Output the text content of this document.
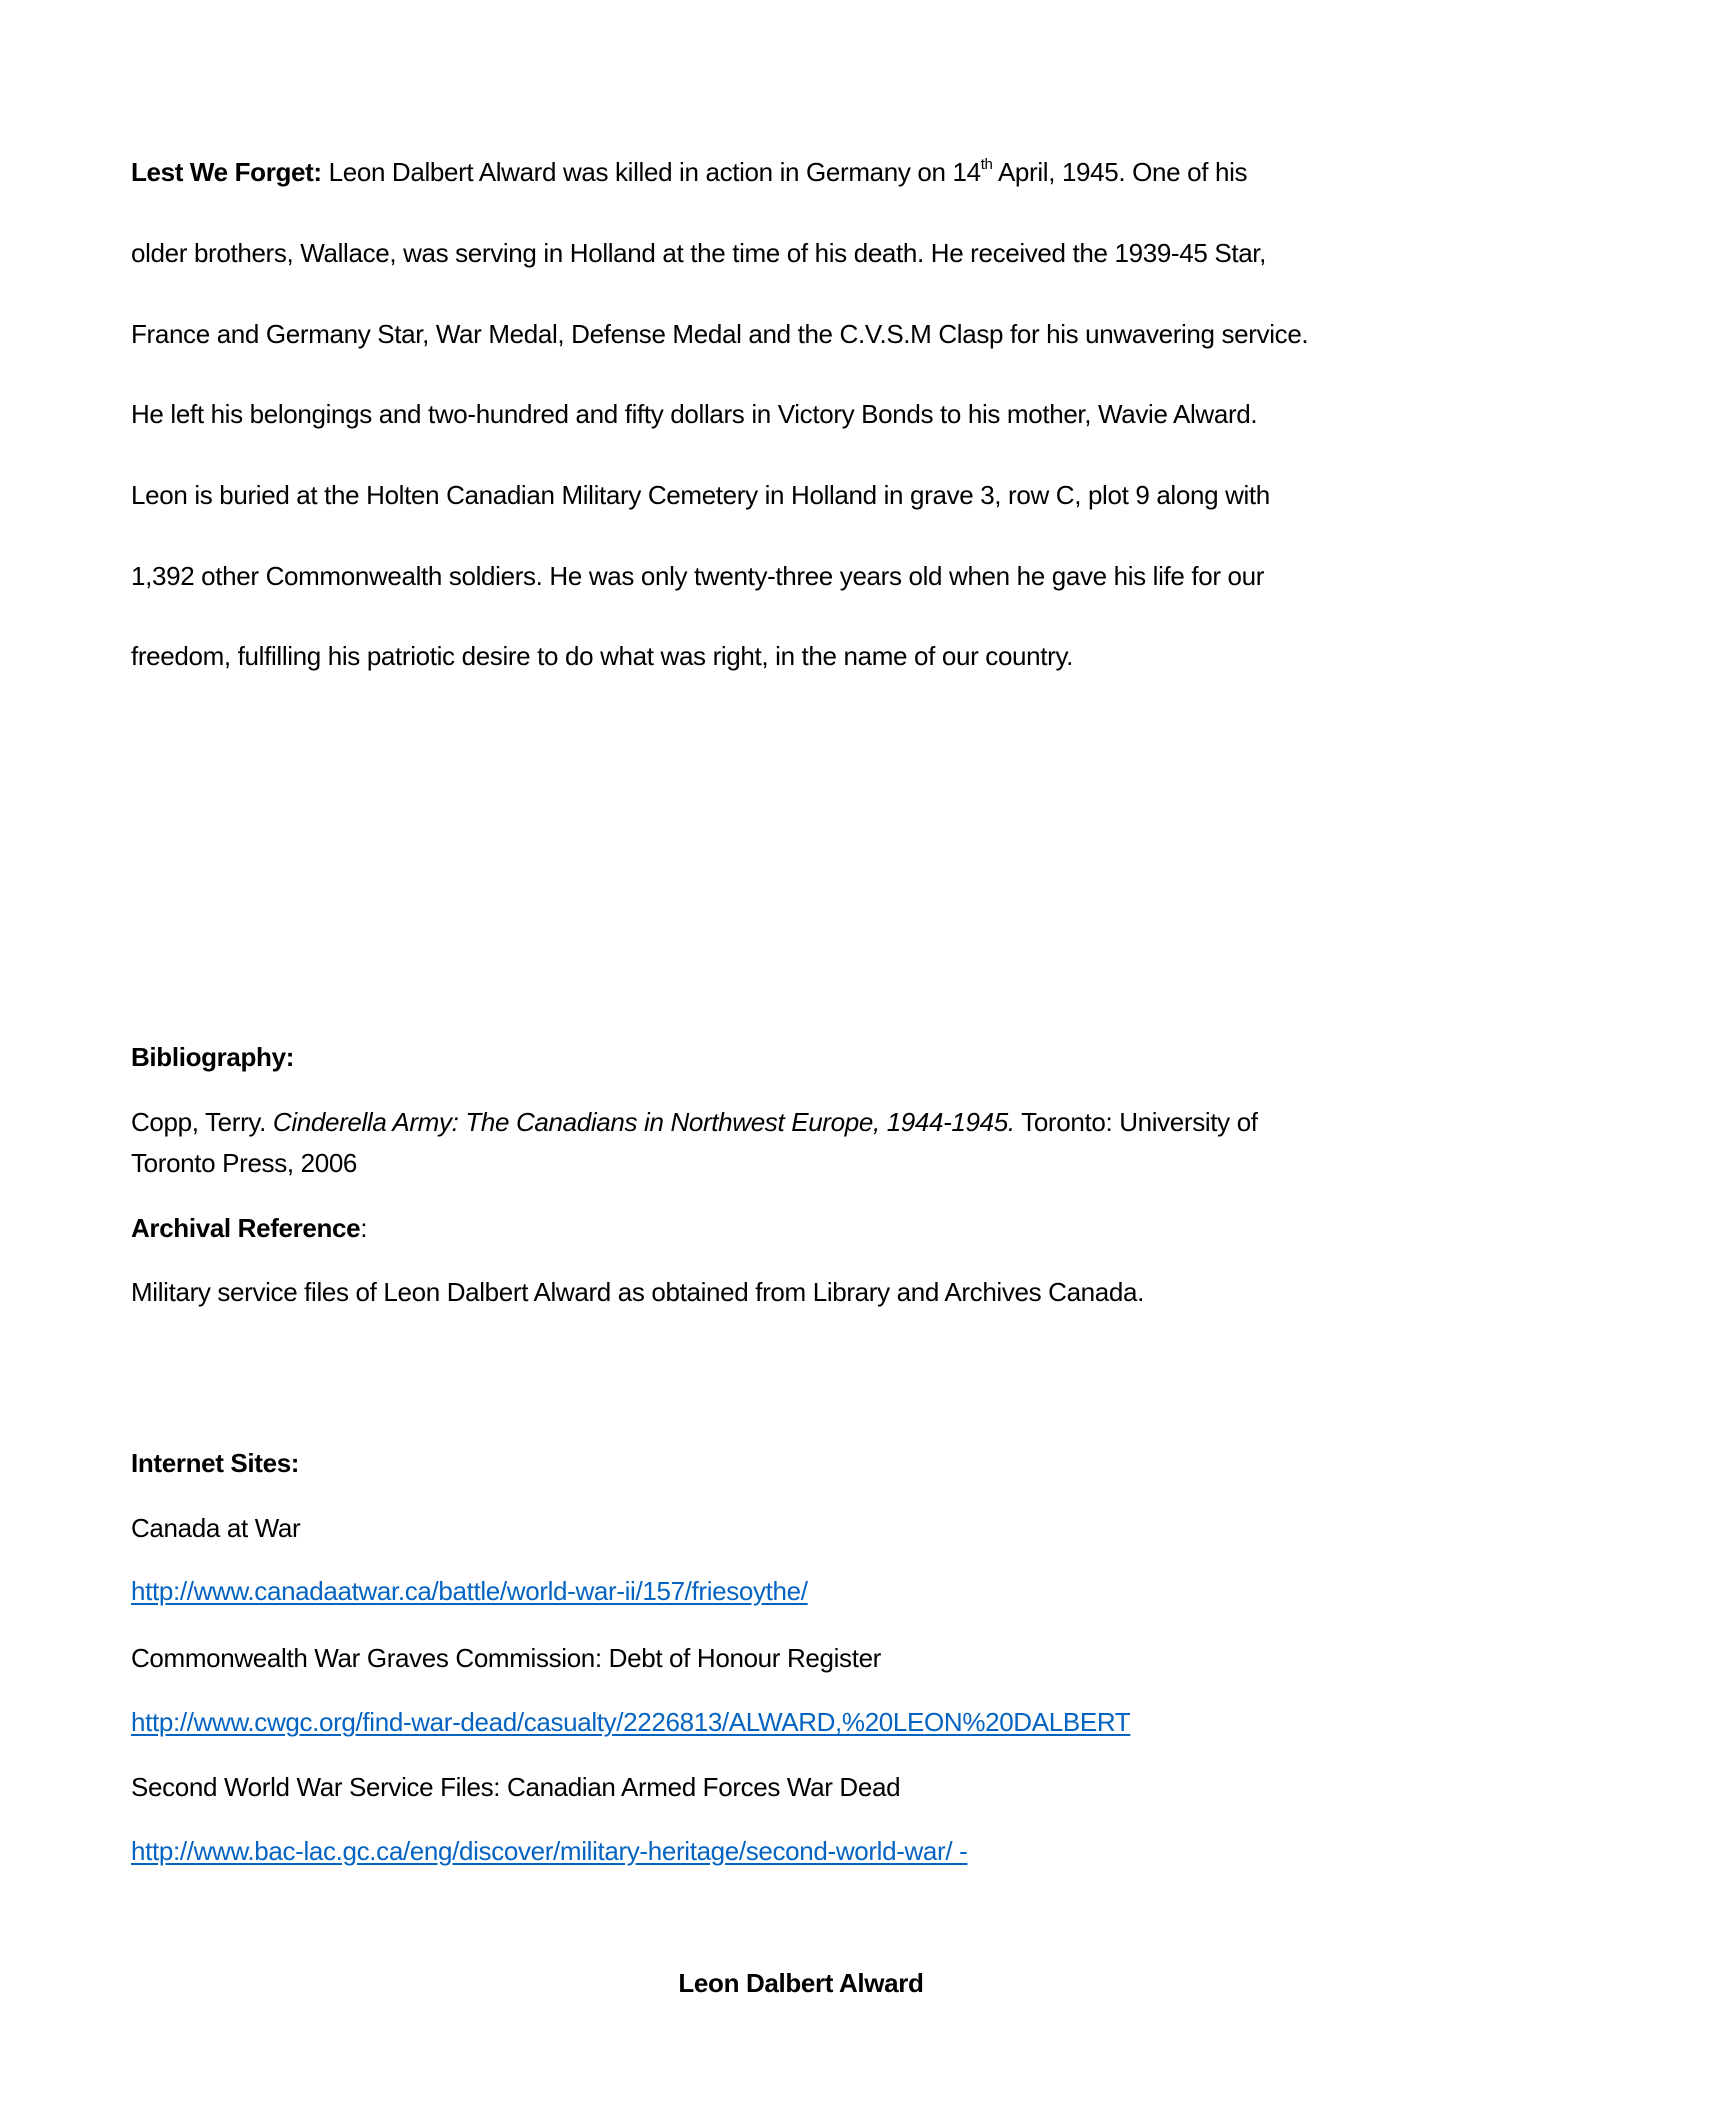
Lest We Forget: Leon Dalbert Alward was killed in action in Germany on 14th April, 1945. One of his
older brothers, Wallace, was serving in Holland at the time of his death. He received the 1939-45 Star,
France and Germany Star, War Medal, Defense Medal and the C.V.S.M Clasp for his unwavering service.
He left his belongings and two-hundred and fifty dollars in Victory Bonds to his mother, Wavie Alward.
Leon is buried at the Holten Canadian Military Cemetery in Holland in grave 3, row C, plot 9 along with
1,392 other Commonwealth soldiers. He was only twenty-three years old when he gave his life for our
freedom, fulfilling his patriotic desire to do what was right, in the name of our country.
Bibliography:
Copp, Terry. Cinderella Army: The Canadians in Northwest Europe, 1944-1945. Toronto: University of
Toronto Press, 2006
Archival Reference:
Military service files of Leon Dalbert Alward as obtained from Library and Archives Canada.
Internet Sites:
Canada at War
http://www.canadaatwar.ca/battle/world-war-ii/157/friesoythe/
Commonwealth War Graves Commission: Debt of Honour Register
http://www.cwgc.org/find-war-dead/casualty/2226813/ALWARD,%20LEON%20DALBERT
Second World War Service Files: Canadian Armed Forces War Dead
http://www.bac-lac.gc.ca/eng/discover/military-heritage/second-world-war/ -
Leon Dalbert Alward
